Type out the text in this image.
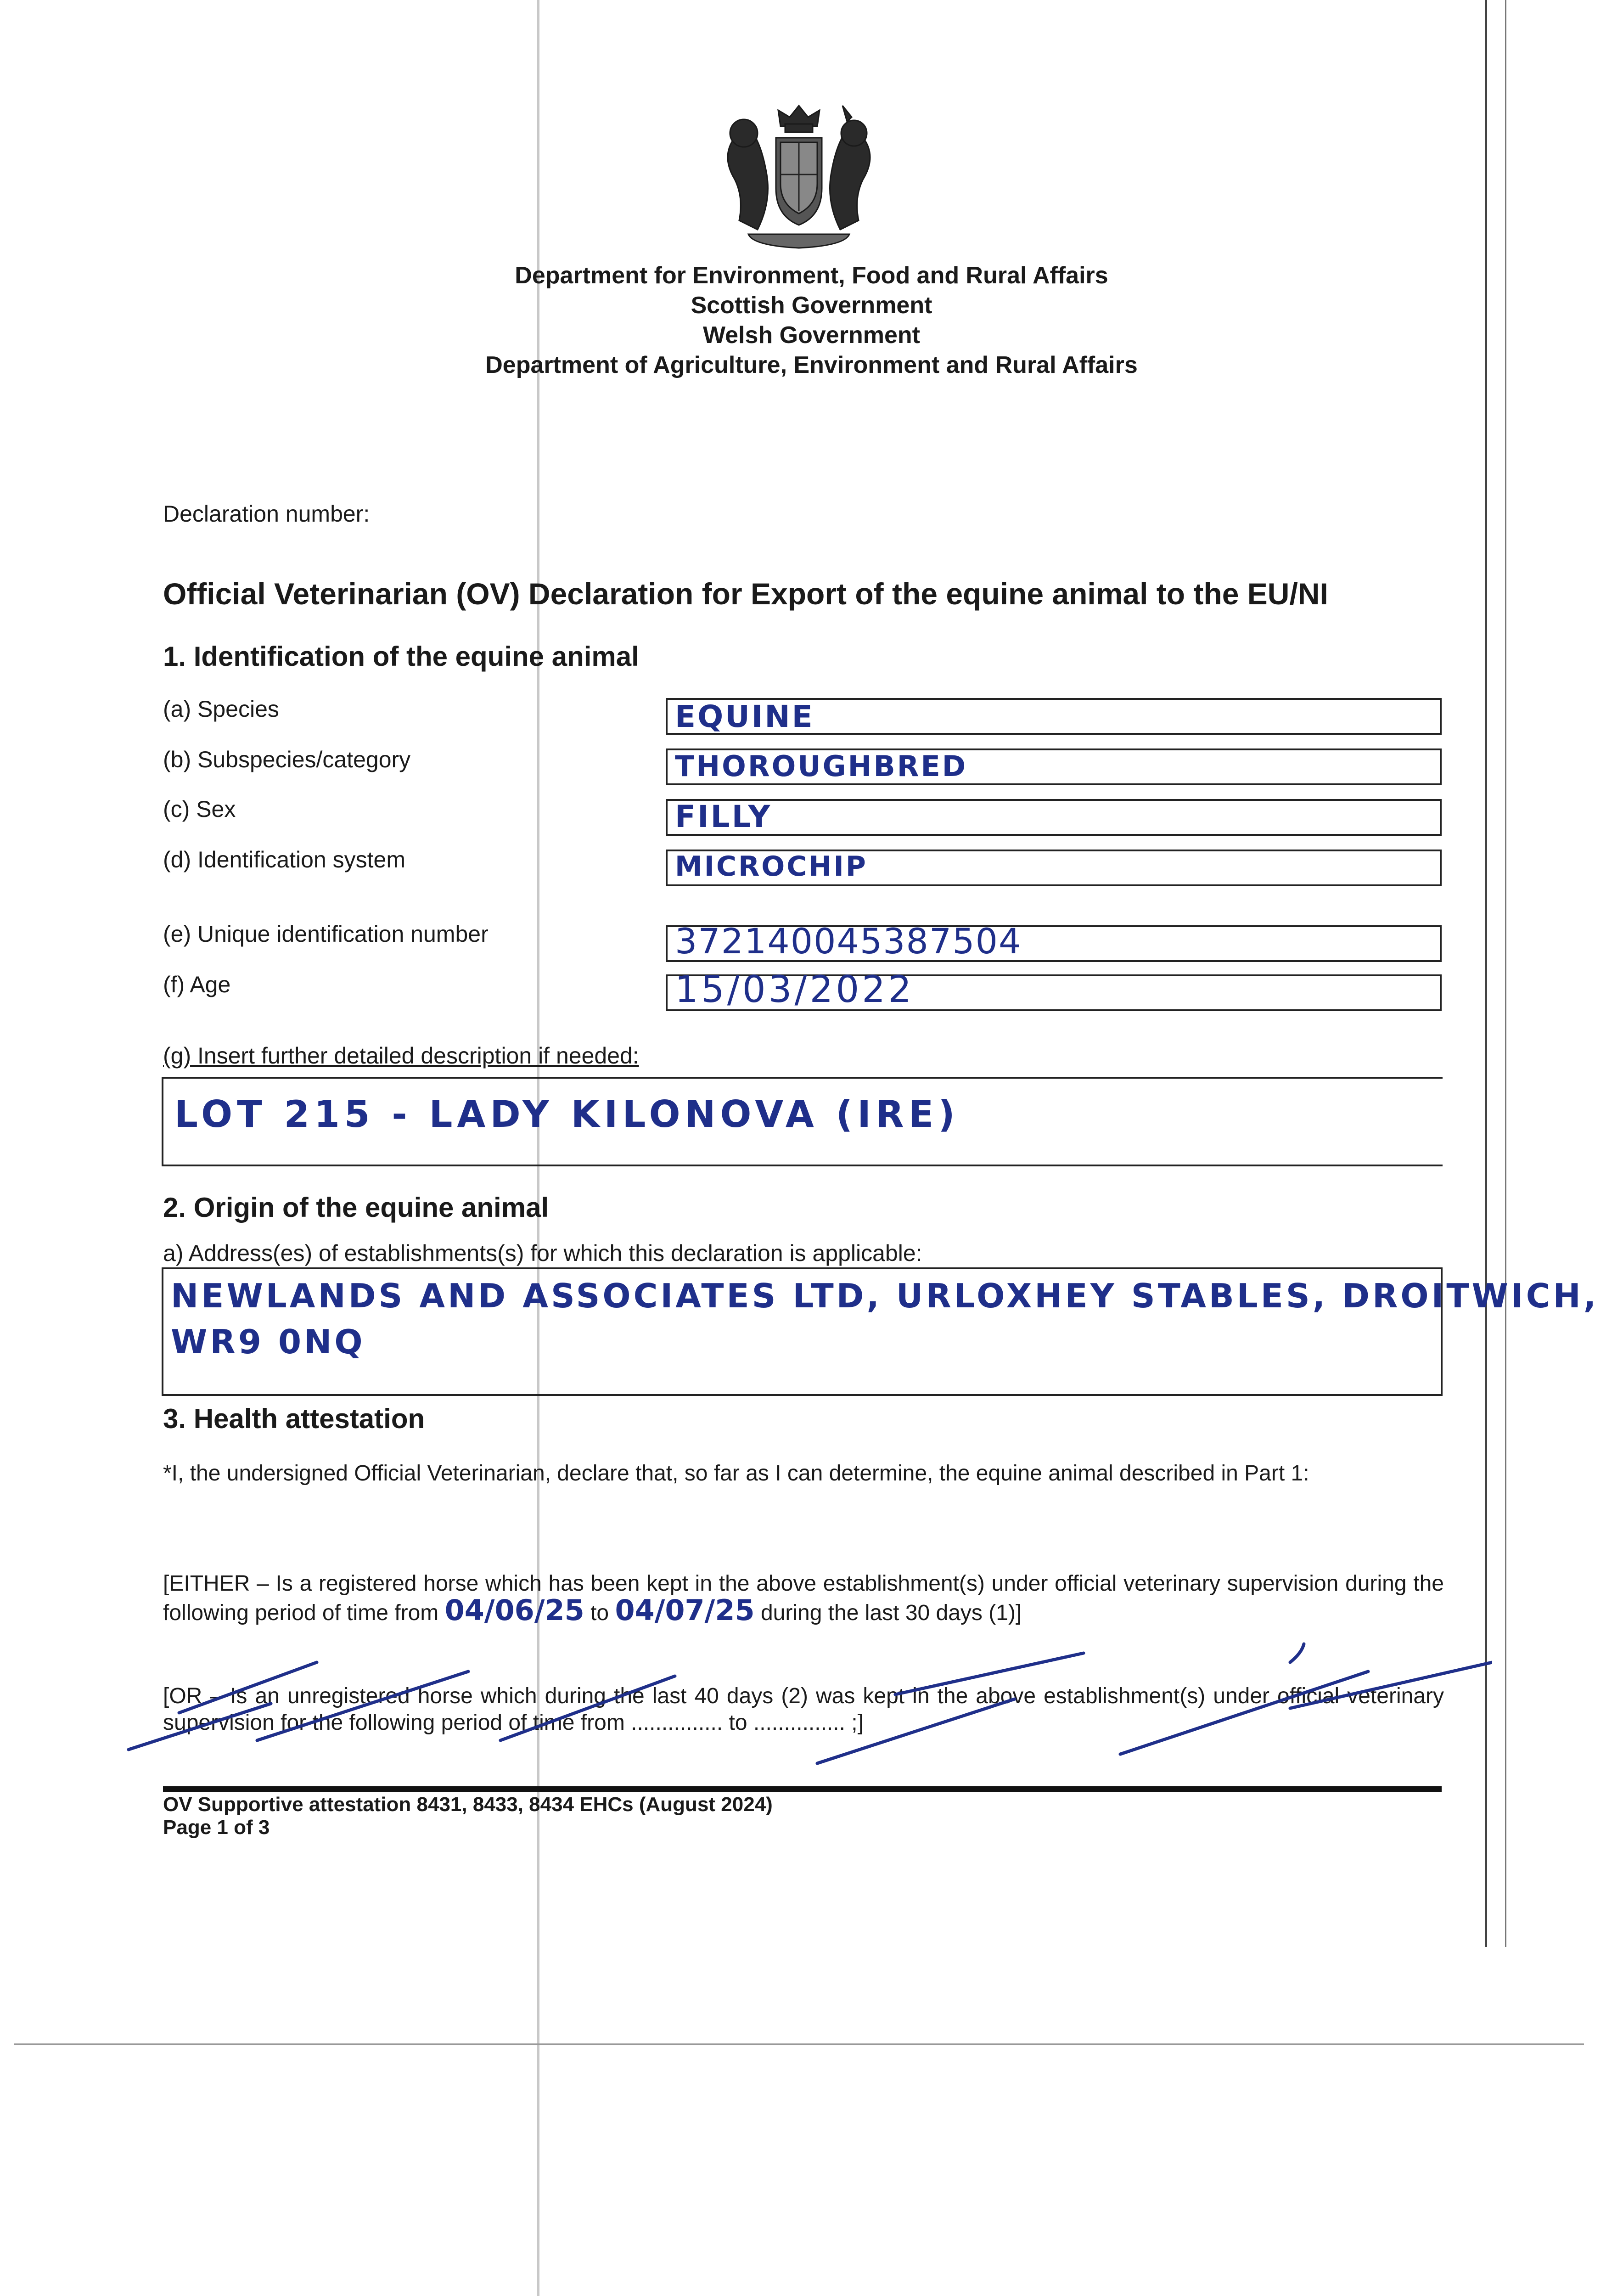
Department for Environment, Food and Rural Affairs
Scottish Government
Welsh Government
Department of Agriculture, Environment and Rural Affairs
Declaration number:
Official Veterinarian (OV) Declaration for Export of the equine animal to the EU/NI
1. Identification of the equine animal
(a) Species	EQUINE
(b) Subspecies/category	THOROUGHBRED
(c) Sex	FILLY
(d) Identification system	MICROCHIP
(e) Unique identification number	372140045387504
(f) Age	15/03/2022
(g) Insert further detailed description if needed:
LOT 215 - LADY KILONOVA (IRE)
2. Origin of the equine animal
a) Address(es) of establishments(s) for which this declaration is applicable:
NEWLANDS AND ASSOCIATES LTD, URLOXHEY STABLES, DROITWICH,
WR9 0NQ
3. Health attestation
*I, the undersigned Official Veterinarian, declare that, so far as I can determine, the equine animal described in Part 1:
[EITHER – Is a registered horse which has been kept in the above establishment(s) under official veterinary supervision during the following period of time from 04/06/25 to 04/07/25 during the last 30 days (1)]
[OR – Is an unregistered horse which during the last 40 days (2) was kept in the above establishment(s) under official veterinary supervision for the following period of time from ............... to ............... ;]
OV Supportive attestation 8431, 8433, 8434 EHCs (August 2024)
Page 1 of 3
